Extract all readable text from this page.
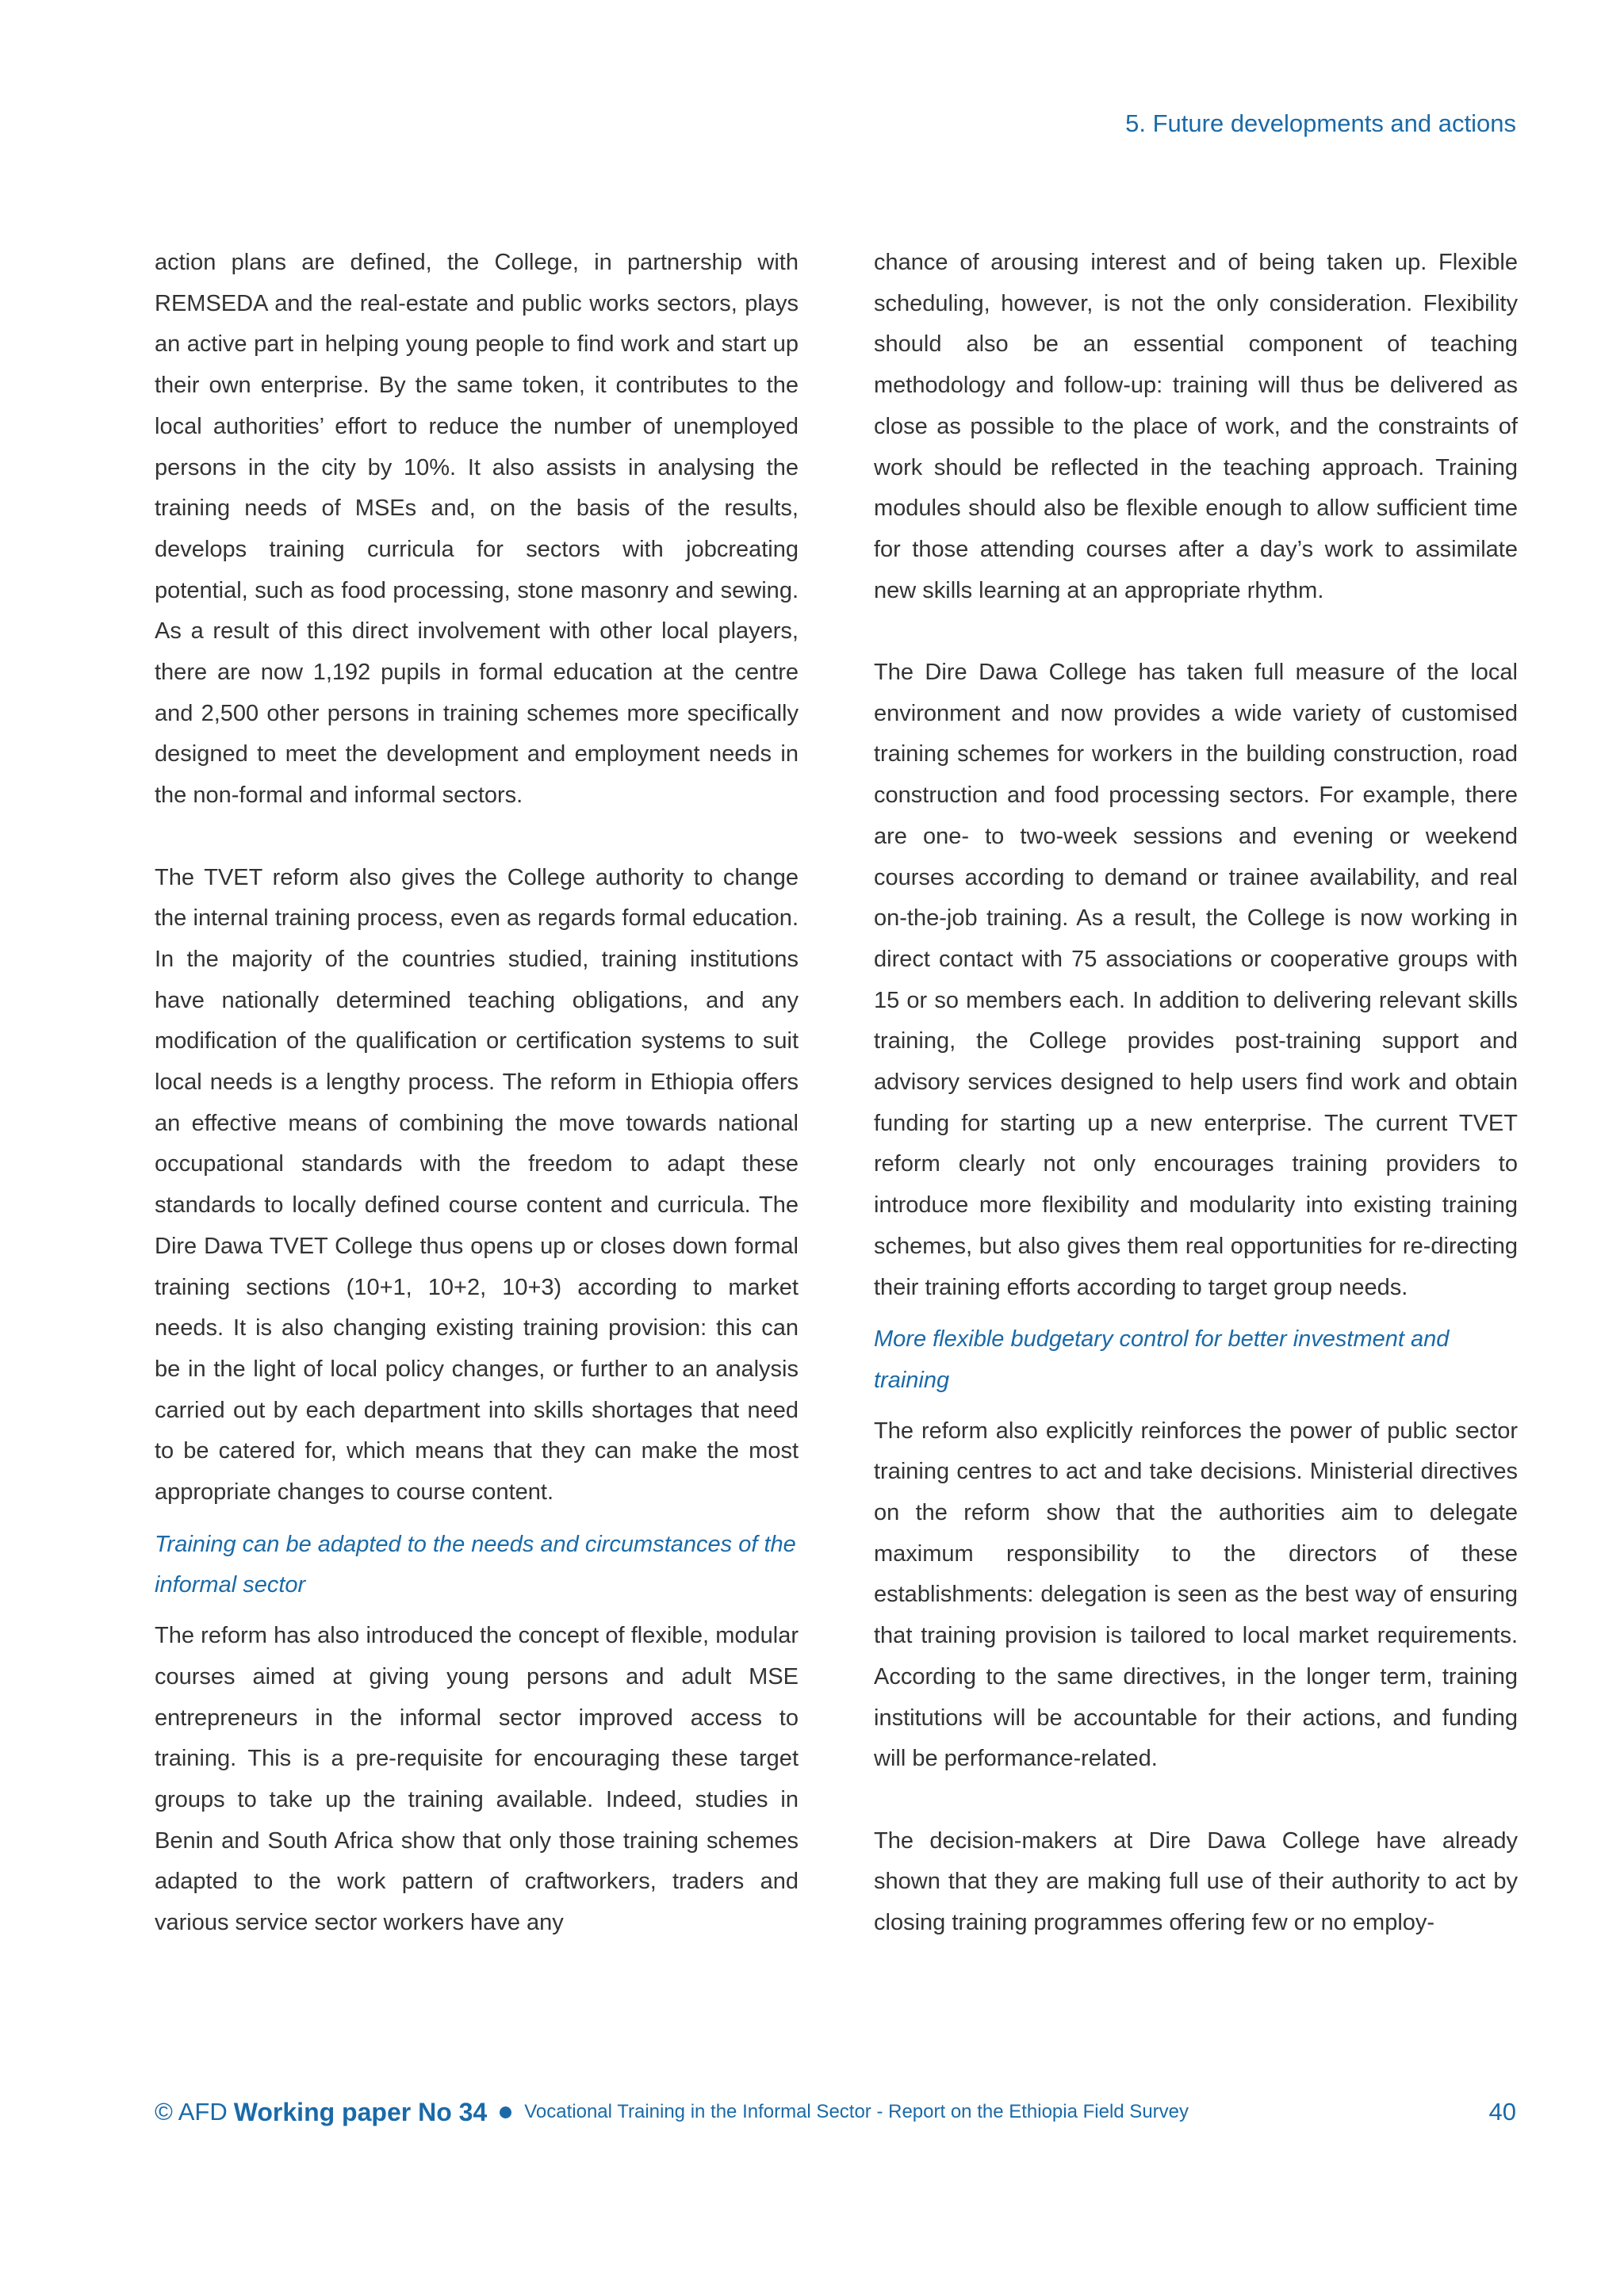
5. Future developments and actions

action plans are defined, the College, in partnership with REMSEDA and the real-estate and public works sectors, plays an active part in helping young people to find work and start up their own enterprise. By the same token, it contributes to the local authorities’ effort to reduce the number of unemployed persons in the city by 10%. It also assists in analysing the training needs of MSEs and, on the basis of the results, develops training curricula for sectors with jobcreating potential, such as food processing, stone masonry and sewing. As a result of this direct involvement with other local players, there are now 1,192 pupils in formal education at the centre and 2,500 other persons in training schemes more specifically designed to meet the development and employment needs in the non-formal and informal sectors.

The TVET reform also gives the College authority to change the internal training process, even as regards formal education. In the majority of the countries studied, training institutions have nationally determined teaching obligations, and any modification of the qualification or certification systems to suit local needs is a lengthy process. The reform in Ethiopia offers an effective means of combining the move towards national occupational standards with the freedom to adapt these standards to locally defined course content and curricula. The Dire Dawa TVET College thus opens up or closes down formal training sections (10+1, 10+2, 10+3) according to market needs. It is also changing existing training provision: this can be in the light of local policy changes, or further to an analysis carried out by each department into skills shortages that need to be catered for, which means that they can make the most appropriate changes to course content.

Training can be adapted to the needs and circumstances of the informal sector

The reform has also introduced the concept of flexible, modular courses aimed at giving young persons and adult MSE entrepreneurs in the informal sector improved access to training. This is a pre-requisite for encouraging these target groups to take up the training available. Indeed, studies in Benin and South Africa show that only those training schemes adapted to the work pattern of craftworkers, traders and various service sector workers have any

chance of arousing interest and of being taken up. Flexible scheduling, however, is not the only consideration. Flexibility should also be an essential component of teaching methodology and follow-up: training will thus be delivered as close as possible to the place of work, and the constraints of work should be reflected in the teaching approach. Training modules should also be flexible enough to allow sufficient time for those attending courses after a day’s work to assimilate new skills learning at an appropriate rhythm.

The Dire Dawa College has taken full measure of the local environment and now provides a wide variety of customised training schemes for workers in the building construction, road construction and food processing sectors. For example, there are one- to two-week sessions and evening or weekend courses according to demand or trainee availability, and real on-the-job training. As a result, the College is now working in direct contact with 75 associations or cooperative groups with 15 or so members each. In addition to delivering relevant skills training, the College provides post-training support and advisory services designed to help users find work and obtain funding for starting up a new enterprise. The current TVET reform clearly not only encourages training providers to introduce more flexibility and modularity into existing training schemes, but also gives them real opportunities for re-directing their training efforts according to target group needs.

More flexible budgetary control for better investment and training

The reform also explicitly reinforces the power of public sector training centres to act and take decisions. Ministerial directives on the reform show that the authorities aim to delegate maximum responsibility to the directors of these establishments: delegation is seen as the best way of ensuring that training provision is tailored to local market requirements. According to the same directives, in the longer term, training institutions will be accountable for their actions, and funding will be performance-related.

The decision-makers at Dire Dawa College have already shown that they are making full use of their authority to act by closing training programmes offering few or no employ-

© AFD Working paper No 34 Vocational Training in the Informal Sector - Report on the Ethiopia Field Survey	40
